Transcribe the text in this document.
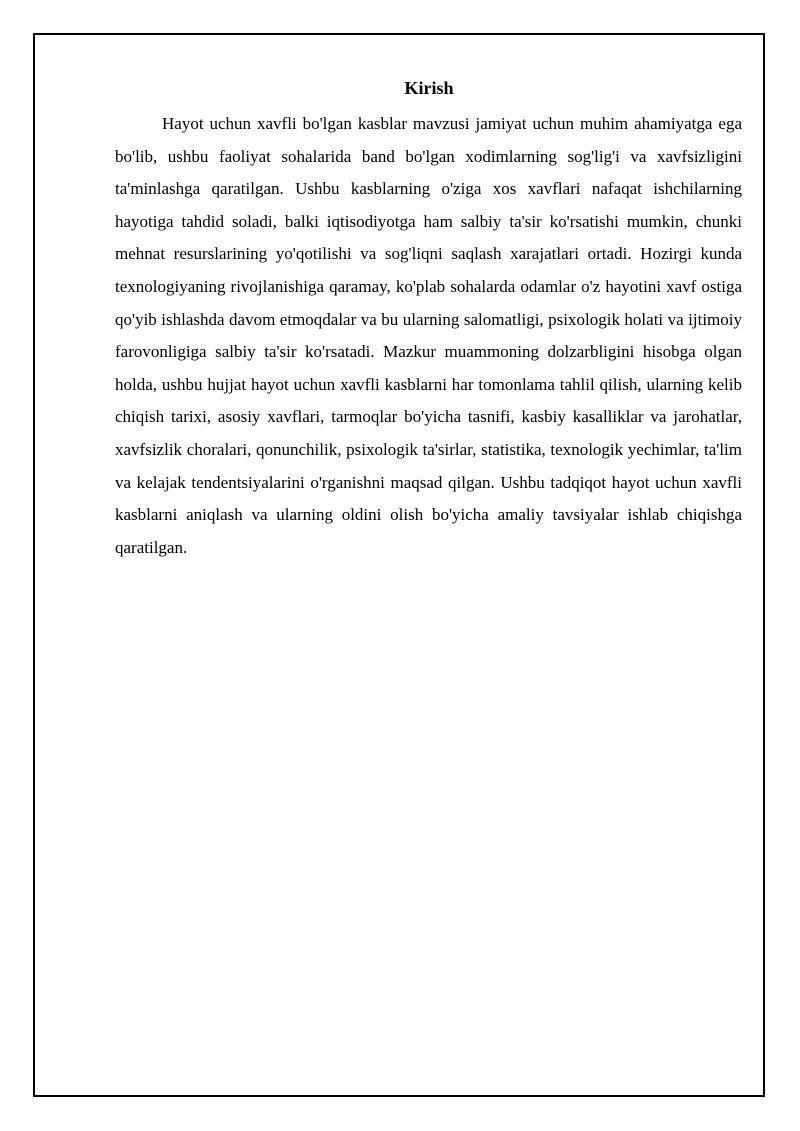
Kirish

Hayot uchun xavfli bo'lgan kasblar mavzusi jamiyat uchun muhim ahamiyatga ega bo'lib, ushbu faoliyat sohalarida band bo'lgan xodimlarning sog'lig'i va xavfsizligini ta'minlashga qaratilgan. Ushbu kasblarning o'ziga xos xavflari nafaqat ishchilarning hayotiga tahdid soladi, balki iqtisodiyotga ham salbiy ta'sir ko'rsatishi mumkin, chunki mehnat resurslarining yo'qotilishi va sog'liqni saqlash xarajatlari ortadi. Hozirgi kunda texnologiyaning rivojlanishiga qaramay, ko'plab sohalarda odamlar o'z hayotini xavf ostiga qo'yib ishlashda davom etmoqdalar va bu ularning salomatligi, psixologik holati va ijtimoiy farovonligiga salbiy ta'sir ko'rsatadi. Mazkur muammoning dolzarbligini hisobga olgan holda, ushbu hujjat hayot uchun xavfli kasblarni har tomonlama tahlil qilish, ularning kelib chiqish tarixi, asosiy xavflari, tarmoqlar bo'yicha tasnifi, kasbiy kasalliklar va jarohatlar, xavfsizlik choralari, qonunchilik, psixologik ta'sirlar, statistika, texnologik yechimlar, ta'lim va kelajak tendentsiyalarini o'rganishni maqsad qilgan. Ushbu tadqiqot hayot uchun xavfli kasblarni aniqlash va ularning oldini olish bo'yicha amaliy tavsiyalar ishlab chiqishga qaratilgan.
